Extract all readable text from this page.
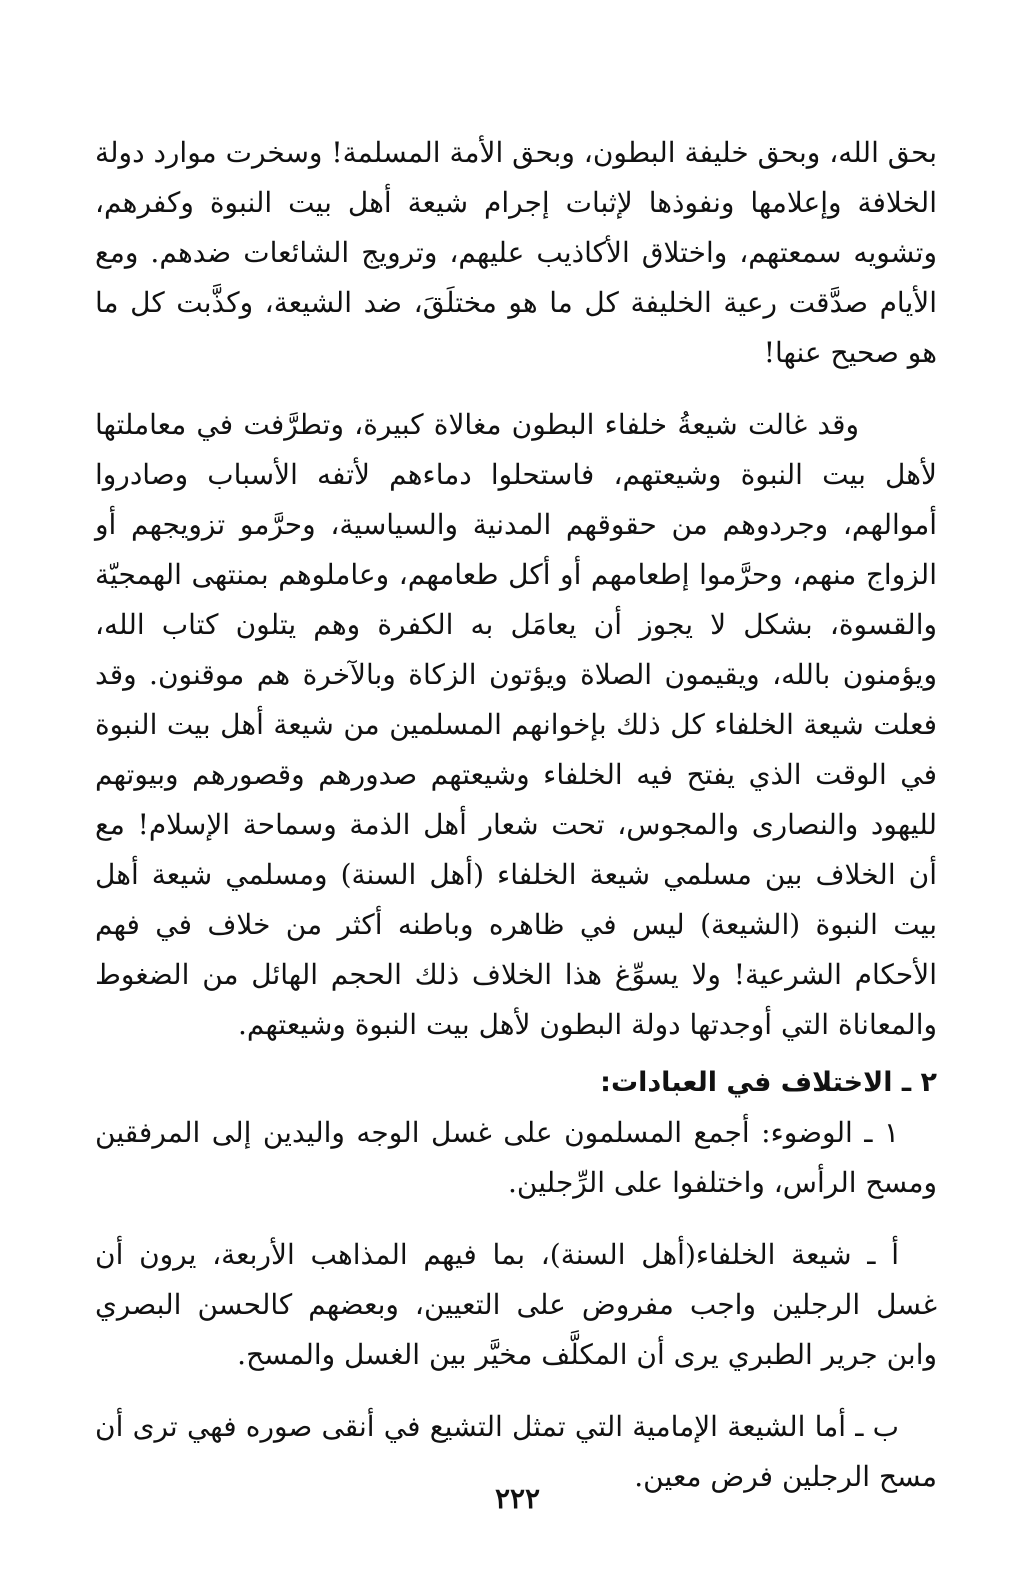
بحق الله، وبحق خليفة البطون، وبحق الأمة المسلمة! وسخرت موارد دولة الخلافة وإعلامها ونفوذها لإثبات إجرام شيعة أهل بيت النبوة وكفرهم، وتشويه سمعتهم، واختلاق الأكاذيب عليهم، وترويج الشائعات ضدهم. ومع الأيام صدَّقت رعية الخليفة كل ما هو مختلَقَ، ضد الشيعة، وكذَّبت كل ما هو صحيح عنها!

وقد غالت شيعةُ خلفاء البطون مغالاة كبيرة، وتطرَّفت في معاملتها لأهل بيت النبوة وشيعتهم، فاستحلوا دماءهم لأتفه الأسباب وصادروا أموالهم، وجردوهم من حقوقهم المدنية والسياسية، وحرَّمو تزويجهم أو الزواج منهم، وحرَّموا إطعامهم أو أكل طعامهم، وعاملوهم بمنتهى الهمجيّة والقسوة، بشكل لا يجوز أن يعامَل به الكفرة وهم يتلون كتاب الله، ويؤمنون بالله، ويقيمون الصلاة ويؤتون الزكاة وبالآخرة هم موقنون. وقد فعلت شيعة الخلفاء كل ذلك بإخوانهم المسلمين من شيعة أهل بيت النبوة في الوقت الذي يفتح فيه الخلفاء وشيعتهم صدورهم وقصورهم وبيوتهم لليهود والنصارى والمجوس، تحت شعار أهل الذمة وسماحة الإسلام! مع أن الخلاف بين مسلمي شيعة الخلفاء (أهل السنة) ومسلمي شيعة أهل بيت النبوة (الشيعة) ليس في ظاهره وباطنه أكثر من خلاف في فهم الأحكام الشرعية! ولا يسوِّغ هذا الخلاف ذلك الحجم الهائل من الضغوط والمعاناة التي أوجدتها دولة البطون لأهل بيت النبوة وشيعتهم.

٢ ـ الاختلاف في العبادات:

١ ـ الوضوء: أجمع المسلمون على غسل الوجه واليدين إلى المرفقين ومسح الرأس، واختلفوا على الرِّجلين.

أ ـ شيعة الخلفاء(أهل السنة)، بما فيهم المذاهب الأربعة، يرون أن غسل الرجلين واجب مفروض على التعيين، وبعضهم كالحسن البصري وابن جرير الطبري يرى أن المكلَّف مخيَّر بين الغسل والمسح.

ب ـ أما الشيعة الإمامية التي تمثل التشيع في أنقى صوره فهي ترى أن مسح الرجلين فرض معين.

٢٢٢
